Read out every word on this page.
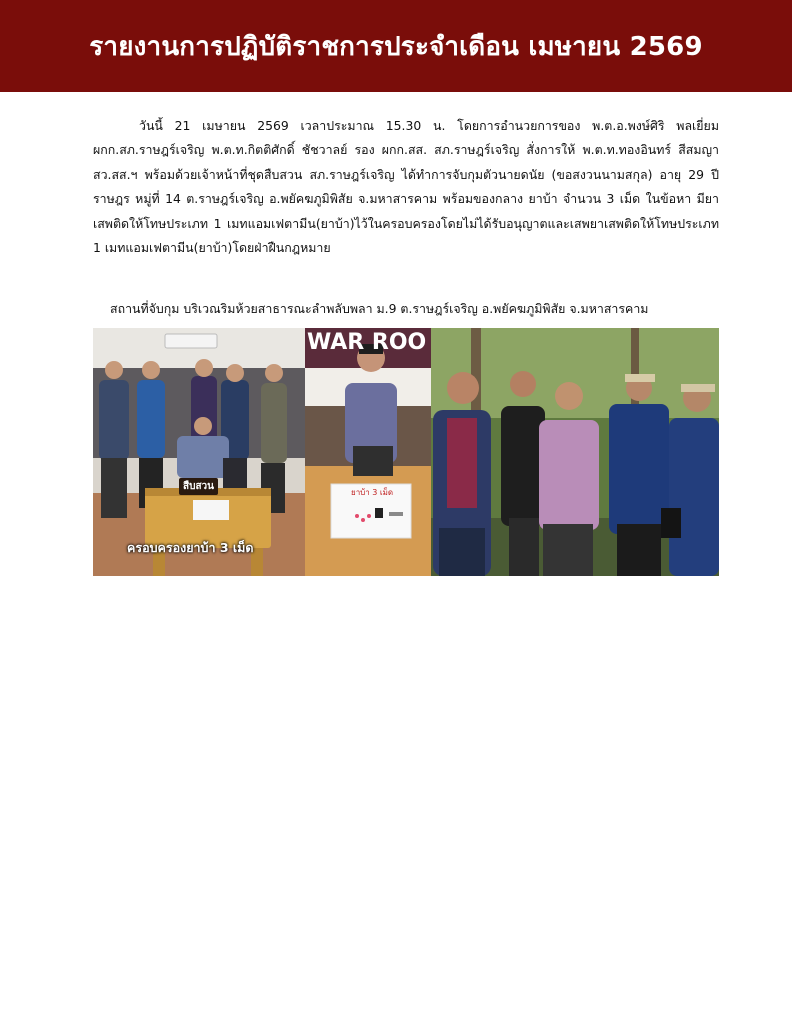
รายงานการปฏิบัติราชการประจำเดือน เมษายน 2569

วันนี้ 21 เมษายน 2569 เวลาประมาณ 15.30 น. โดยการอำนวยการของ พ.ต.อ.พงษ์ศิริ พลเยี่ยม ผกก.สภ.ราษฎร์เจริญ พ.ต.ท.กิตติศักดิ์ ชัชวาลย์ รอง ผกก.สส. สภ.ราษฎร์เจริญ สั่งการให้ พ.ต.ท.ทองอินทร์ สีสมญา สว.สส.ฯ พร้อมด้วยเจ้าหน้าที่ชุดสืบสวน สภ.ราษฎร์เจริญ ได้ทำการจับกุมตัวนายดนัย (ขอสงวนนามสกุล) อายุ 29 ปี ราษฎร หมู่ที่ 14 ต.ราษฎร์เจริญ อ.พยัคฆภูมิพิสัย จ.มหาสารคาม พร้อมของกลาง ยาบ้า จำนวน 3 เม็ด ในข้อหา มียาเสพติดให้โทษประเภท 1 เมทแอมเฟตามีน(ยาบ้า)ไว้ในครอบครองโดยไม่ได้รับอนุญาตและเสพยาเสพติดให้โทษประเภท 1 เมทแอมเฟตามีน(ยาบ้า)โดยฝ่าฝืนกฎหมาย

สถานที่จับกุม บริเวณริมห้วยสาธารณะลำพลับพลา ม.9 ต.ราษฎร์เจริญ อ.พยัคฆภูมิพิสัย จ.มหาสารคาม
สืบสวน
ครอบครองยาบ้า 3 เม็ด
WAR ROO
ยาบ้า 3 เม็ด
